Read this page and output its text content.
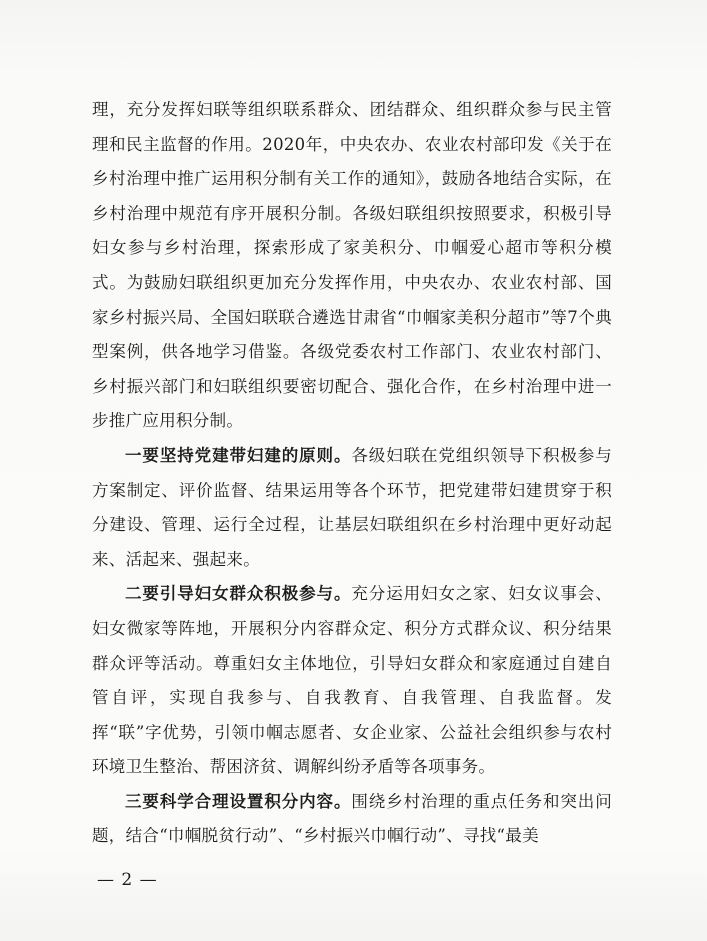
理，充分发挥妇联等组织联系群众、团结群众、组织群众参与民主管理和民主监督的作用。2020年，中央农办、农业农村部印发《关于在乡村治理中推广运用积分制有关工作的通知》，鼓励各地结合实际，在乡村治理中规范有序开展积分制。各级妇联组织按照要求，积极引导妇女参与乡村治理，探索形成了家美积分、巾帼爱心超市等积分模式。为鼓励妇联组织更加充分发挥作用，中央农办、农业农村部、国家乡村振兴局、全国妇联联合遴选甘肃省“巾帼家美积分超市”等7个典型案例，供各地学习借鉴。各级党委农村工作部门、农业农村部门、乡村振兴部门和妇联组织要密切配合、强化合作，在乡村治理中进一步推广应用积分制。

一要坚持党建带妇建的原则。各级妇联在党组织领导下积极参与方案制定、评价监督、结果运用等各个环节，把党建带妇建贯穿于积分建设、管理、运行全过程，让基层妇联组织在乡村治理中更好动起来、活起来、强起来。

二要引导妇女群众积极参与。充分运用妇女之家、妇女议事会、妇女微家等阵地，开展积分内容群众定、积分方式群众议、积分结果群众评等活动。尊重妇女主体地位，引导妇女群众和家庭通过自建自管自评，实现自我参与、自我教育、自我管理、自我监督。发挥“联”字优势，引领巾帼志愿者、女企业家、公益社会组织参与农村环境卫生整治、帮困济贫、调解纠纷矛盾等各项事务。

三要科学合理设置积分内容。围绕乡村治理的重点任务和突出问题，结合“巾帼脱贫行动”、“乡村振兴巾帼行动”、寻找“最美

— 2 —
